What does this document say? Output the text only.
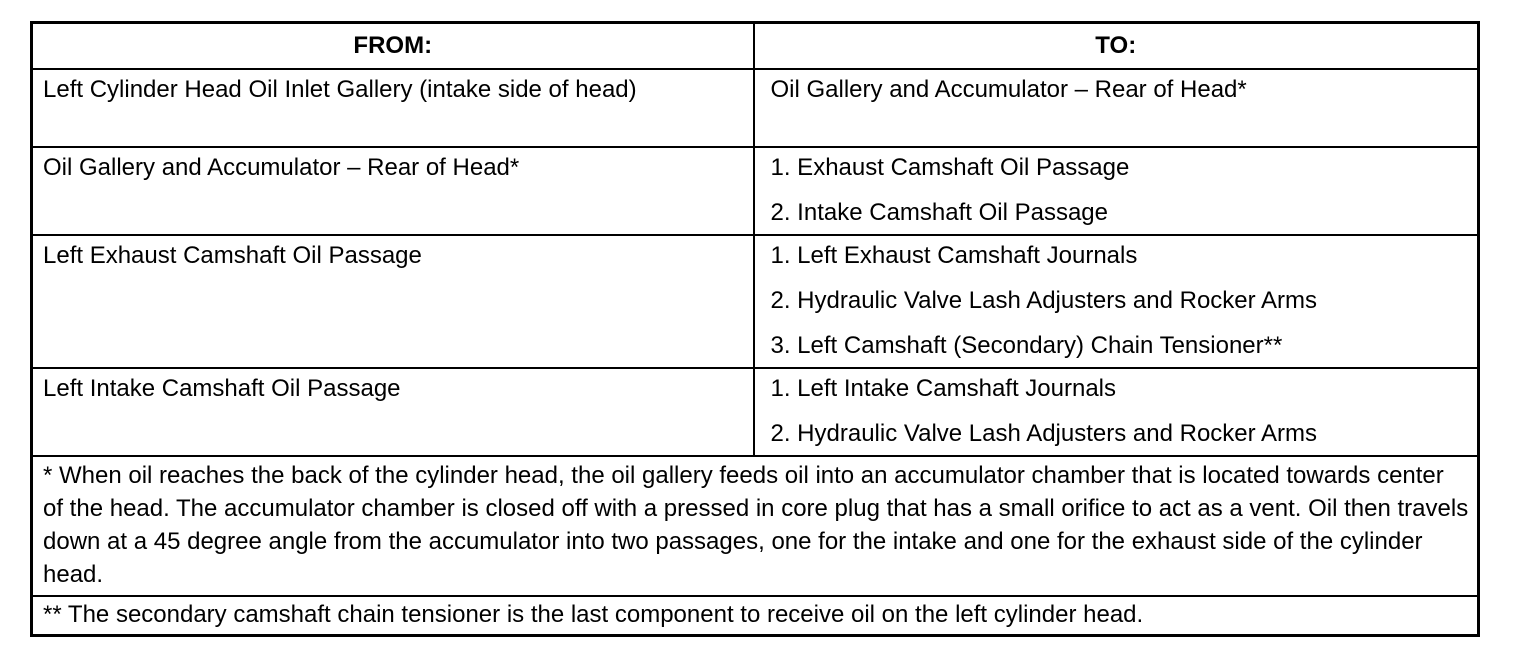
FROM:	TO:

Left Cylinder Head Oil Inlet Gallery (intake side of head)	Oil Gallery and Accumulator – Rear of Head*

Oil Gallery and Accumulator – Rear of Head*	1. Exhaust Camshaft Oil Passage
2. Intake Camshaft Oil Passage

Left Exhaust Camshaft Oil Passage	1. Left Exhaust Camshaft Journals
2. Hydraulic Valve Lash Adjusters and Rocker Arms
3. Left Camshaft (Secondary) Chain Tensioner**

Left Intake Camshaft Oil Passage	1. Left Intake Camshaft Journals
2. Hydraulic Valve Lash Adjusters and Rocker Arms

* When oil reaches the back of the cylinder head, the oil gallery feeds oil into an accumulator chamber that is located towards center of the head. The accumulator chamber is closed off with a pressed in core plug that has a small orifice to act as a vent. Oil then travels down at a 45 degree angle from the accumulator into two passages, one for the intake and one for the exhaust side of the cylinder head.	
** The secondary camshaft chain tensioner is the last component to receive oil on the left cylinder head.	
